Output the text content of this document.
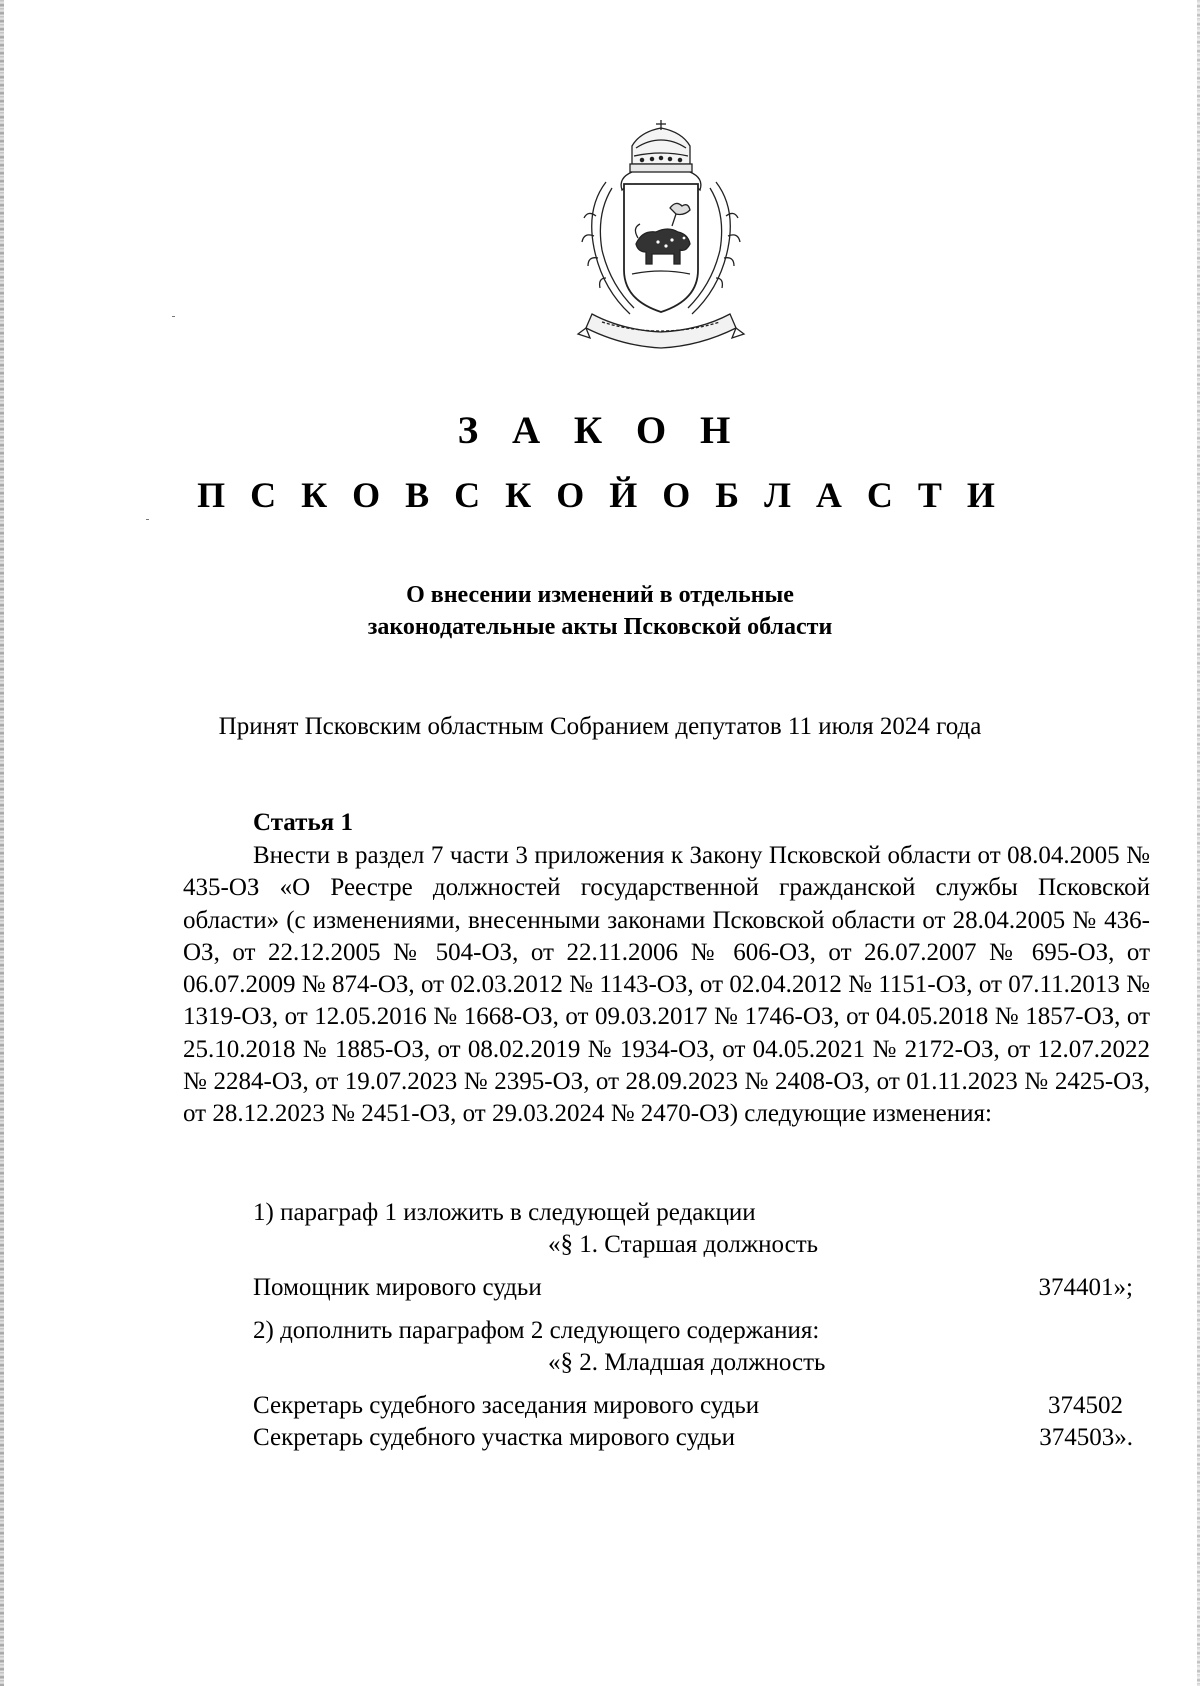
З А К О Н
П С К О В С К О Й О Б Л А С Т И
О внесении изменений в отдельные
законодательные акты Псковской области
Принят Псковским областным Собранием депутатов 11 июля 2024 года
Статья 1

Внести в раздел 7 части 3 приложения к Закону Псковской области от 08.04.2005 № 435-ОЗ «О Реестре должностей государственной гражданской службы Псковской области» (с изменениями, внесенными законами Псковской области от 28.04.2005 № 436-ОЗ, от 22.12.2005 № 504-ОЗ, от 22.11.2006 № 606-ОЗ, от 26.07.2007 № 695-ОЗ, от 06.07.2009 № 874-ОЗ, от 02.03.2012 № 1143-ОЗ, от 02.04.2012 № 1151-ОЗ, от 07.11.2013 № 1319-ОЗ, от 12.05.2016 № 1668-ОЗ, от 09.03.2017 № 1746-ОЗ, от 04.05.2018 № 1857-ОЗ, от 25.10.2018 № 1885-ОЗ, от 08.02.2019 № 1934-ОЗ, от 04.05.2021 № 2172-ОЗ, от 12.07.2022 № 2284-ОЗ, от 19.07.2023 № 2395-ОЗ, от 28.09.2023 № 2408-ОЗ, от 01.11.2023 № 2425-ОЗ, от 28.12.2023 № 2451-ОЗ, от 29.03.2024 № 2470-ОЗ) следующие изменения:

1) параграф 1 изложить в следующей редакции
«§ 1. Старшая должность
Помощник мирового судьи	374401»;
2) дополнить параграфом 2 следующего содержания:
«§ 2. Младшая должность
Секретарь судебного заседания мирового судьи	374502
Секретарь судебного участка мирового судьи	374503».
